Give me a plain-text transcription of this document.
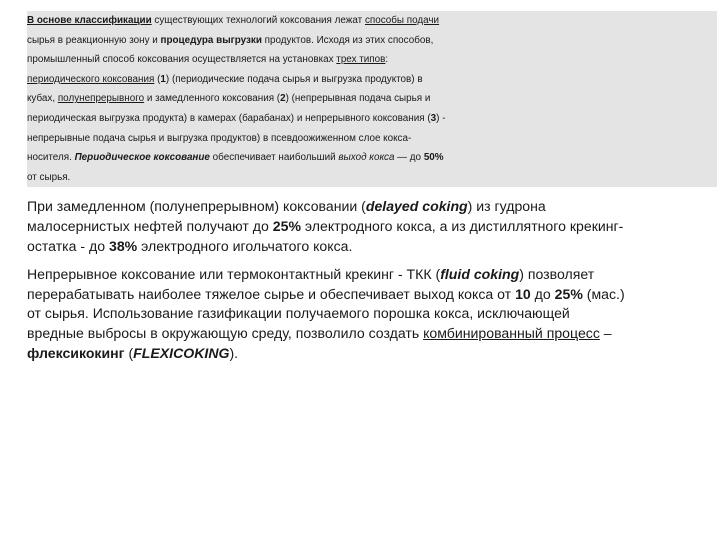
В основе классификации существующих технологий коксования лежат способы подачи
сырья в реакционную зону и процедура выгрузки продуктов. Исходя из этих способов,
промышленный способ коксования осуществляется на установках трех типов:
периодического коксования (1) (периодические подача сырья и выгрузка продуктов) в
кубах, полунепрерывного и замедленного коксования (2) (непрерывная подача сырья и
периодическая выгрузка продукта) в камерах (барабанах) и непрерывного коксования (3) -
непрерывные подача сырья и выгрузка продуктов) в псевдоожиженном слое кокса-
носителя. Периодическое коксование обеспечивает наибольший выход кокса — до 50%
от сырья.
При замедленном (полунепрерывном) коксовании (delayed coking) из гудрона
малосернистых нефтей получают до 25% электродного кокса, а из дистиллятного крекинг-
остатка - до 38% электродного игольчатого кокса.
Непрерывное коксование или термоконтактный крекинг - ТКК (fluid coking) позволяет
перерабатывать наиболее тяжелое сырье и обеспечивает выход кокса от 10 до 25% (мас.)
от сырья. Использование газификации получаемого порошка кокса, исключающей
вредные выбросы в окружающую среду, позволило создать комбинированный процесс –
флексикокинг (FLEXICOKING).
